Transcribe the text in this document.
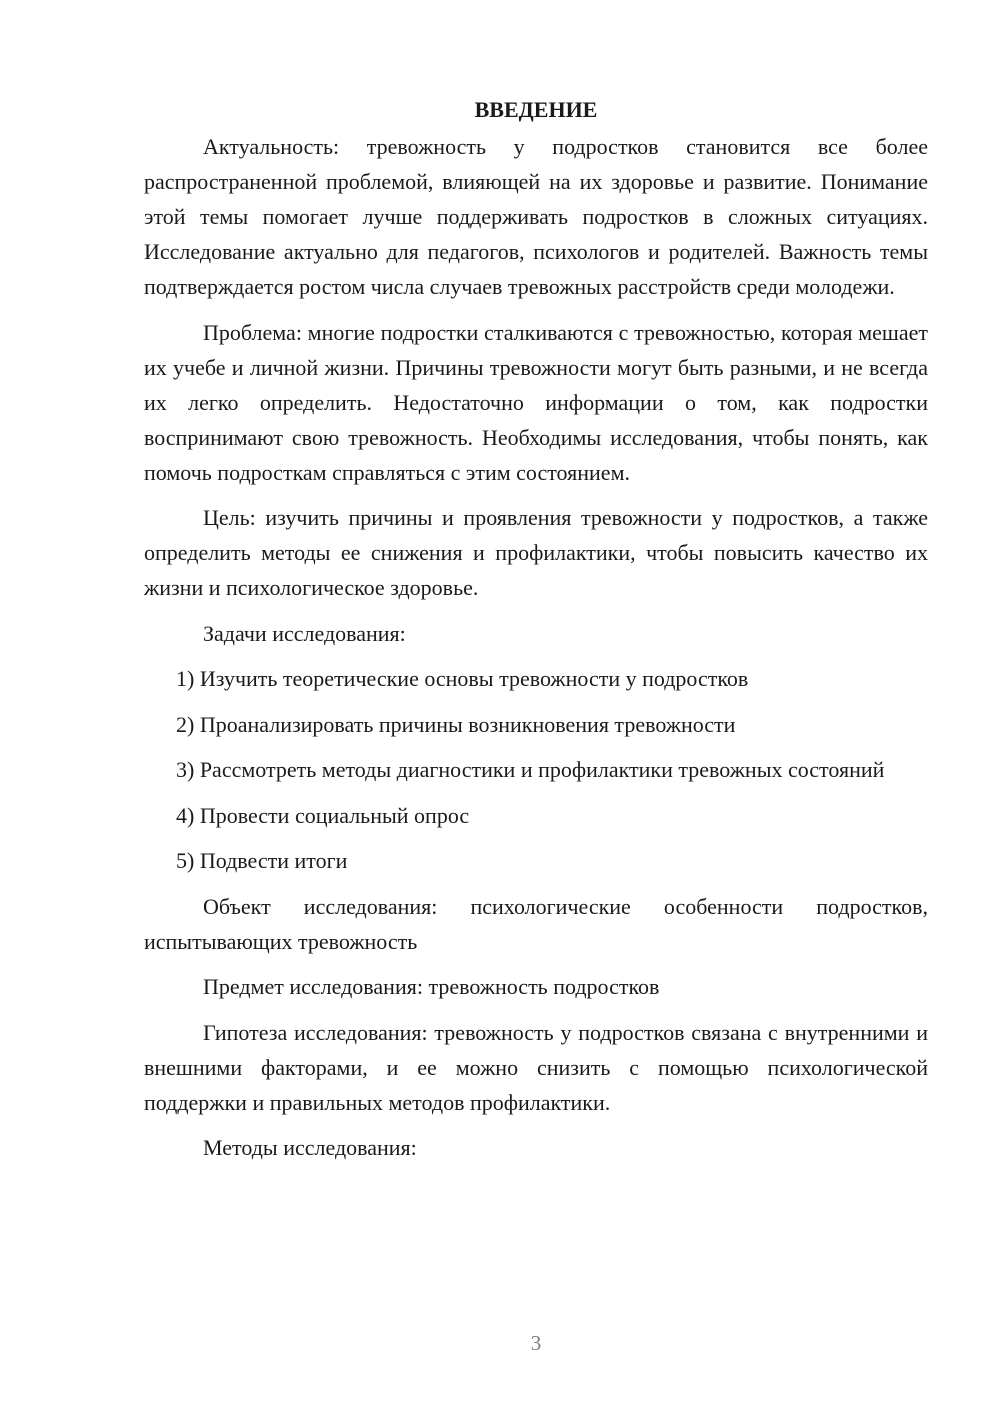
ВВЕДЕНИЕ

Актуальность: тревожность у подростков становится все более распространенной проблемой, влияющей на их здоровье и развитие. Понимание этой темы помогает лучше поддерживать подростков в сложных ситуациях. Исследование актуально для педагогов, психологов и родителей. Важность темы подтверждается ростом числа случаев тревожных расстройств среди молодежи.

Проблема: многие подростки сталкиваются с тревожностью, которая мешает их учебе и личной жизни. Причины тревожности могут быть разными, и не всегда их легко определить. Недостаточно информации о том, как подростки воспринимают свою тревожность. Необходимы исследования, чтобы понять, как помочь подросткам справляться с этим состоянием.

Цель: изучить причины и проявления тревожности у подростков, а также определить методы ее снижения и профилактики, чтобы повысить качество их жизни и психологическое здоровье.

Задачи исследования:

1) Изучить теоретические основы тревожности у подростков

2) Проанализировать причины возникновения тревожности

3) Рассмотреть методы диагностики и профилактики тревожных состояний

4) Провести социальный опрос

5) Подвести итоги

Объект исследования: психологические особенности подростков, испытывающих тревожность

Предмет исследования: тревожность подростков

Гипотеза исследования: тревожность у подростков связана с внутренними и внешними факторами, и ее можно снизить с помощью психологической поддержки и правильных методов профилактики.

Методы исследования:

3
